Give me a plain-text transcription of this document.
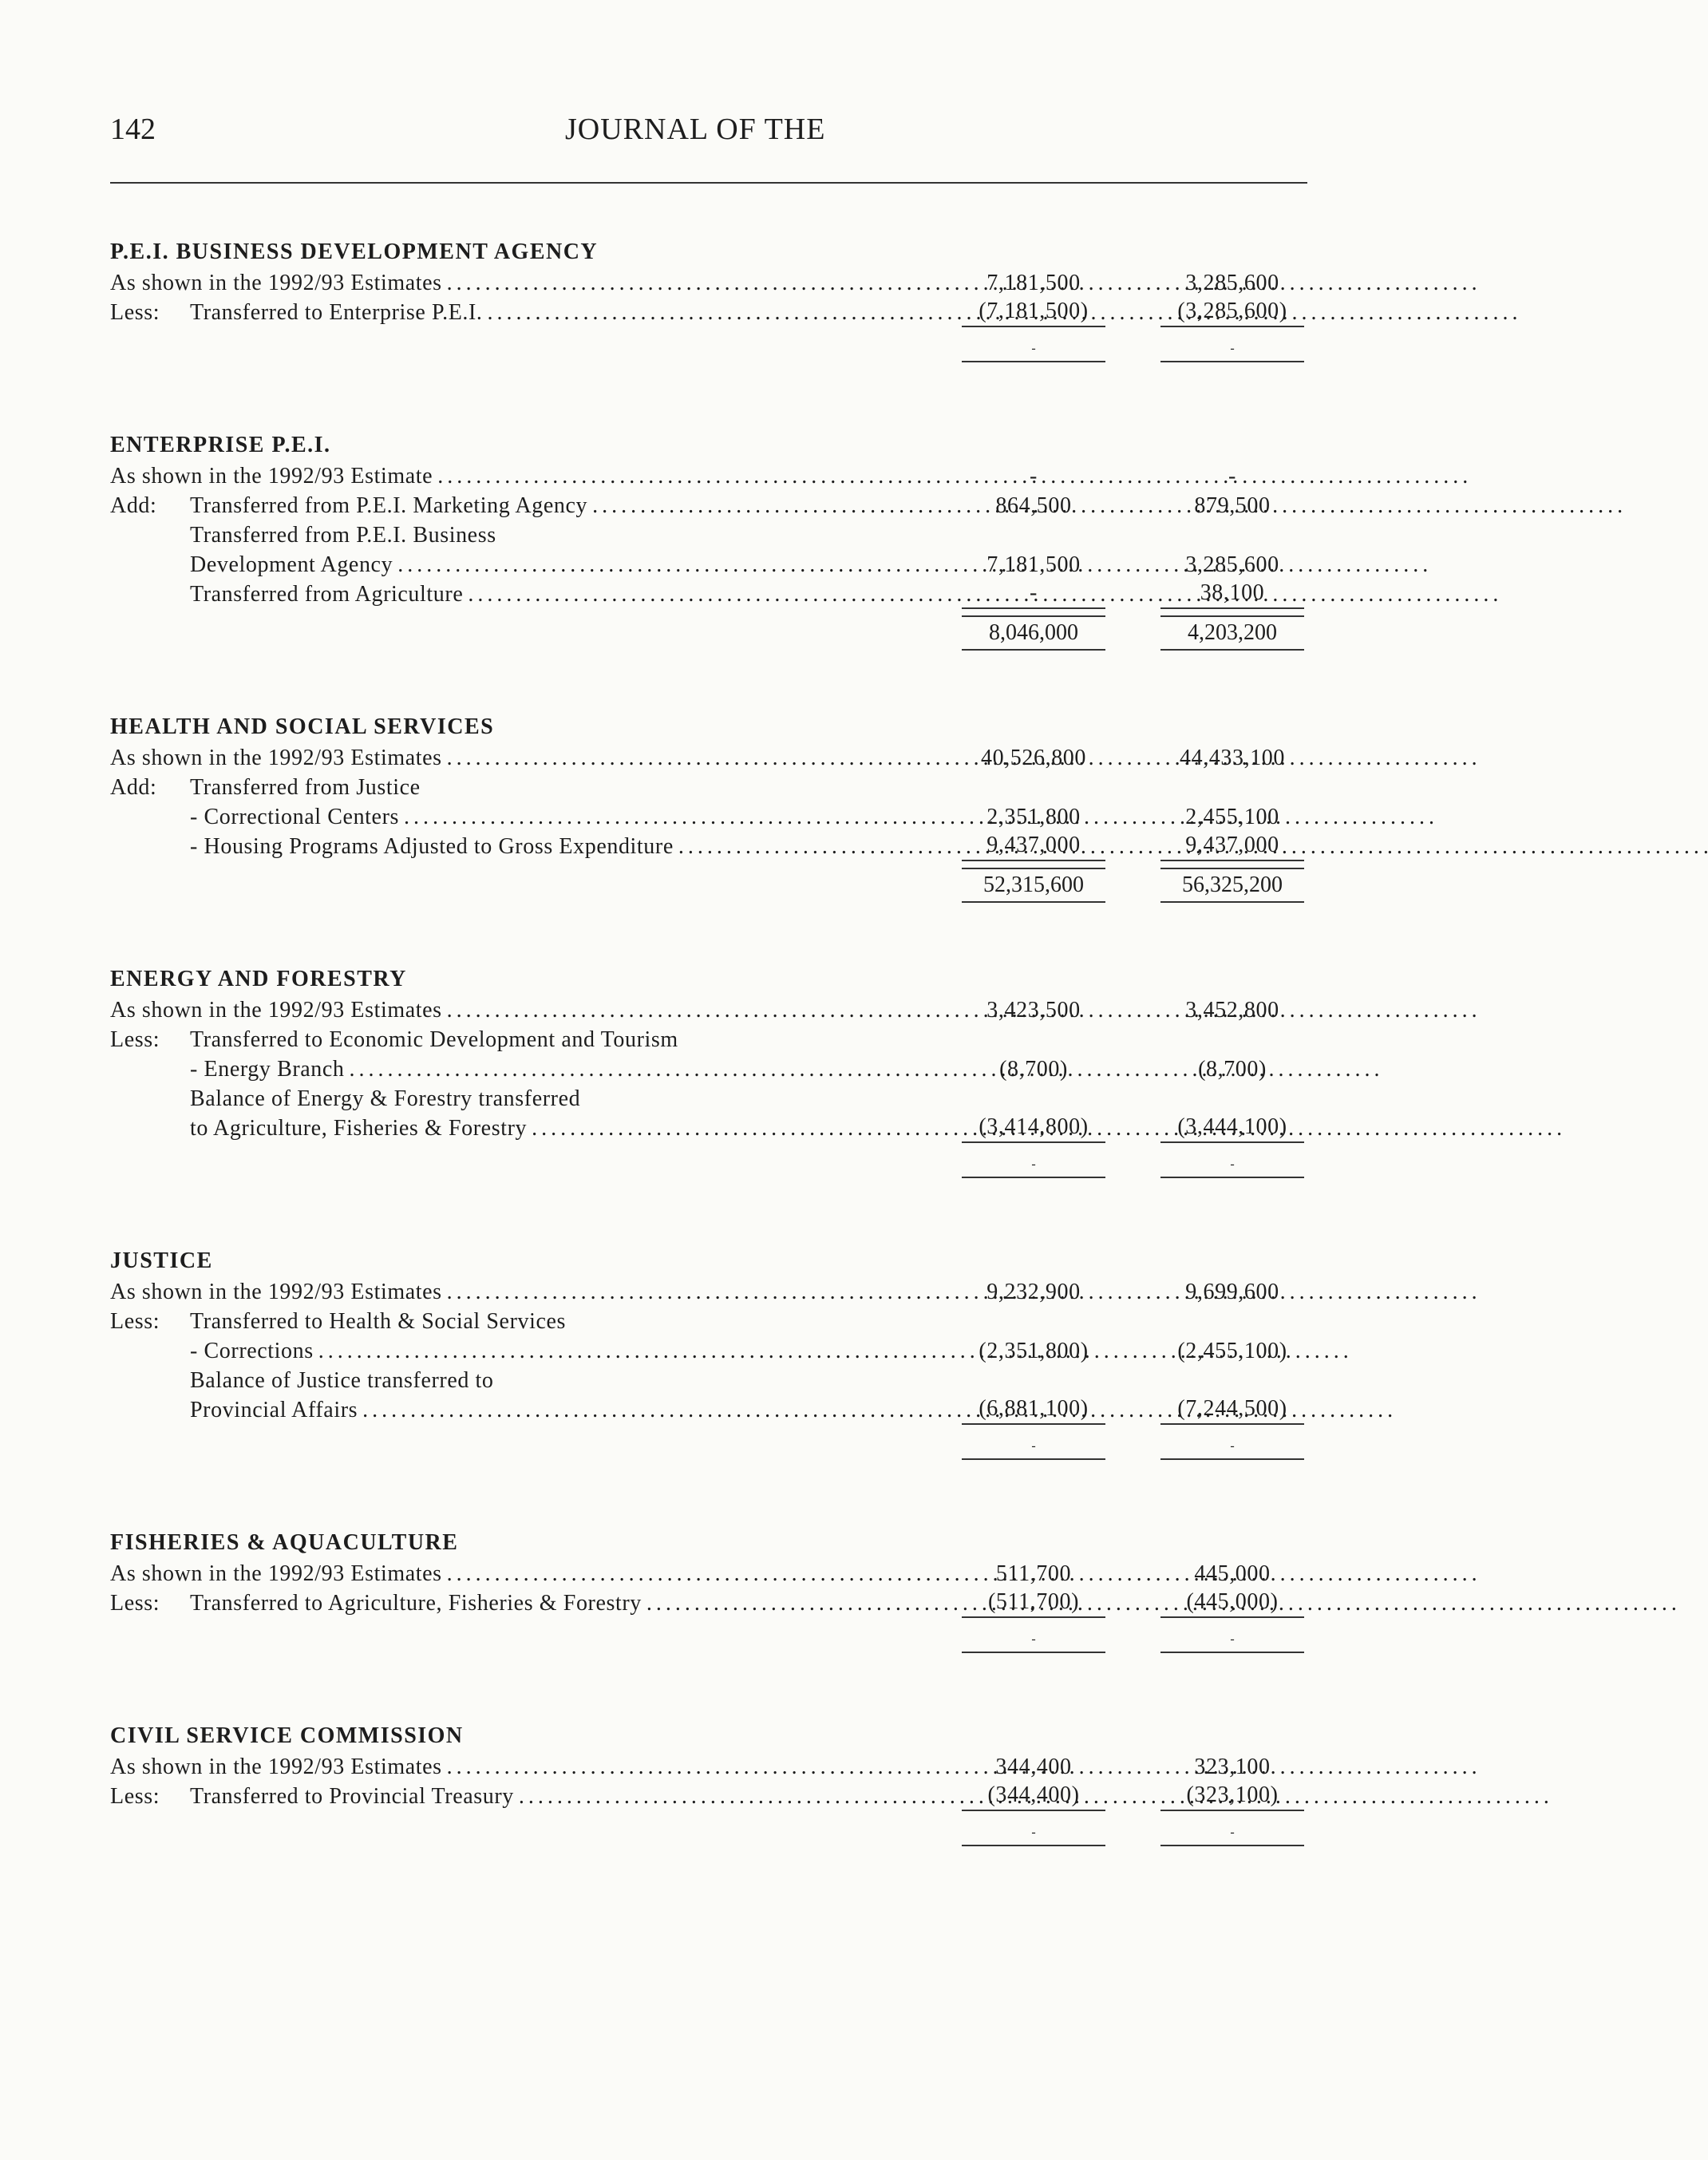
142	JOURNAL OF THE
P.E.I. BUSINESS DEVELOPMENT AGENCY
As shown in the 1992/93 Estimates . . .	7,181,500	3,285,600
Less: Transferred to Enterprise P.E.I. . . .	(7,181,500)	(3,285,600)
-	-
ENTERPRISE P.E.I.
As shown in the 1992/93 Estimate . . .	-	-
Add: Transferred from P.E.I. Marketing Agency . . .	864,500	879,500
Transferred from P.E.I. Business
Development Agency . . .	7,181,500	3,285,600
Transferred from Agriculture . . .	-	38,100
8,046,000	4,203,200
HEALTH AND SOCIAL SERVICES
As shown in the 1992/93 Estimates . . .	40,526,800	44,433,100
Add: Transferred from Justice
- Correctional Centers . . .	2,351,800	2,455,100
- Housing Programs Adjusted to Gross Expenditure . . .	9,437,000	9,437,000
52,315,600	56,325,200
ENERGY AND FORESTRY
As shown in the 1992/93 Estimates . . .	3,423,500	3,452,800
Less: Transferred to Economic Development and Tourism
- Energy Branch . . .	(8,700)	(8,700)
Balance of Energy & Forestry transferred
to Agriculture, Fisheries & Forestry . . .	(3,414,800)	(3,444,100)
-	-
JUSTICE
As shown in the 1992/93 Estimates . . .	9,232,900	9,699,600
Less: Transferred to Health & Social Services
- Corrections . . .	(2,351,800)	(2,455,100)
Balance of Justice transferred to
Provincial Affairs . . .	(6,881,100)	(7,244,500)
-	-
FISHERIES & AQUACULTURE
As shown in the 1992/93 Estimates . . .	511,700	445,000
Less: Transferred to Agriculture, Fisheries & Forestry . . .	(511,700)	(445,000)
-	-
CIVIL SERVICE COMMISSION
As shown in the 1992/93 Estimates . . .	344,400	323,100
Less: Transferred to Provincial Treasury . . .	(344,400)	(323,100)
-	-
